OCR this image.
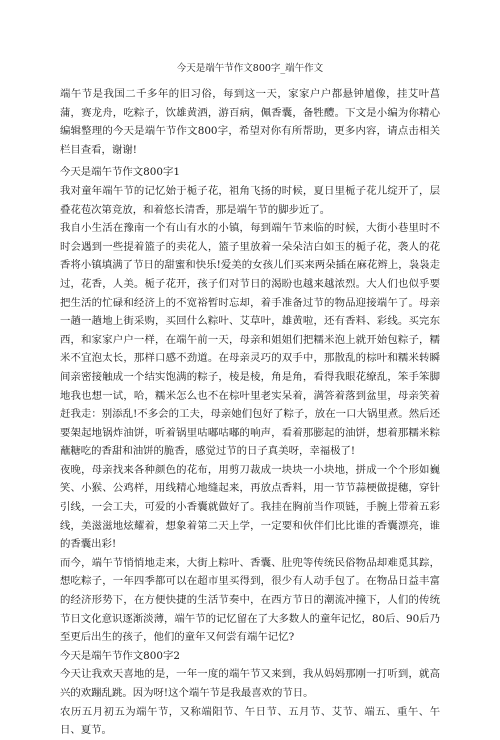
今天是端午节作文800字_端午作文

端午节是我国二千多年的旧习俗，每到这一天，家家户户都悬钟馗像，挂艾叶菖蒲，赛龙舟，吃粽子，饮雄黄酒，游百病，佩香囊，备牲醴。下文是小编为你精心编辑整理的今天是端午节作文800字，希望对你有所帮助，更多内容，请点击相关栏目查看，谢谢!

今天是端午节作文800字1

我对童年端午节的记忆始于栀子花，祖角飞扬的时候，夏日里栀子花儿绽开了，层叠花苞次第竞放，和着悠长清香，那是端午节的脚步近了。

我自小生活在豫南一个有山有水的小镇，每到端午节来临的时候，大街小巷里时不时会遇到一些提着篮子的卖花人，篮子里放着一朵朵洁白如玉的栀子花，袭人的花香将小镇填满了节日的甜蜜和快乐!爱美的女孩儿们买来两朵插在麻花辫上，袅袅走过，花香，人美。栀子花开，孩子们对节日的渴盼也越来越浓烈。大人们也似乎要把生活的忙碌和经济上的不宽裕暂时忘却，着手准备过节的物品迎接端午了。母亲一趟一趟地上街采购，买回什么粽叶、艾草叶，雄黄啦，还有香料、彩线。买完东西，和家家户户一样，在端午前一天，母亲和姐姐们把糯米泡上就开始包粽子，糯米不宜泡太长，那样口感不劲道。在母亲灵巧的双手中，那散乱的棕叶和糯米转瞬间亲密接触成一个结实饱满的粽子，棱是棱，角是角，看得我眼花缭乱，笨手笨脚地我也想一试，哈，糯米怎么也不在棕叶里老实呆着，满答着落到盆里，母亲笑着赶我走：别添乱!不多会的工夫，母亲她们包好了粽子，放在一口大锅里煮。然后还要架起地锅炸油饼，听着锅里咕嘟咕嘟的响声，看着那膨起的油饼，想着那糯米粽蘸糖吃的香甜和油饼的脆香，感觉过节的日子真美呀，幸福极了!

夜晚，母亲找来各种颜色的花布，用剪刀裁成一块块一小块地，拼成一个个形如巍笑、小猴、公鸡样，用线精心地缝起来，再放点香料，用一节节蒜梗做提穗，穿针引线，一会工夫，可爱的小香囊就做好了。我挂在胸前当作项链，手腕上带着五彩线，美滋滋地炫耀着，想象着第二天上学，一定要和伙伴们比比谁的香囊漂亮，谁的香囊出彩!

而今，端午节悄悄地走来，大街上粽叶、香囊、肚兜等传统民俗物品却难觅其踪，想吃粽子，一年四季都可以在超市里买得到，很少有人动手包了。在物品日益丰富的经济形势下，在方便快捷的生活节奏中，在西方节日的潮流冲撞下，人们的传统节日文化意识逐渐淡薄，端午节的记忆留在了大多数人的童年记忆，80后、90后乃至更后出生的孩子，他们的童年又何尝有端午记忆?

今天是端午节作文800字2

今天让我欢天喜地的是，一年一度的端午节又来到，我从妈妈那刚一打听到，就高兴的欢蹦乱跳。因为呀!这个端午节是我最喜欢的节日。

农历五月初五为端午节，又称端阳节、午日节、五月节、艾节、端五、重午、午日、夏节。
